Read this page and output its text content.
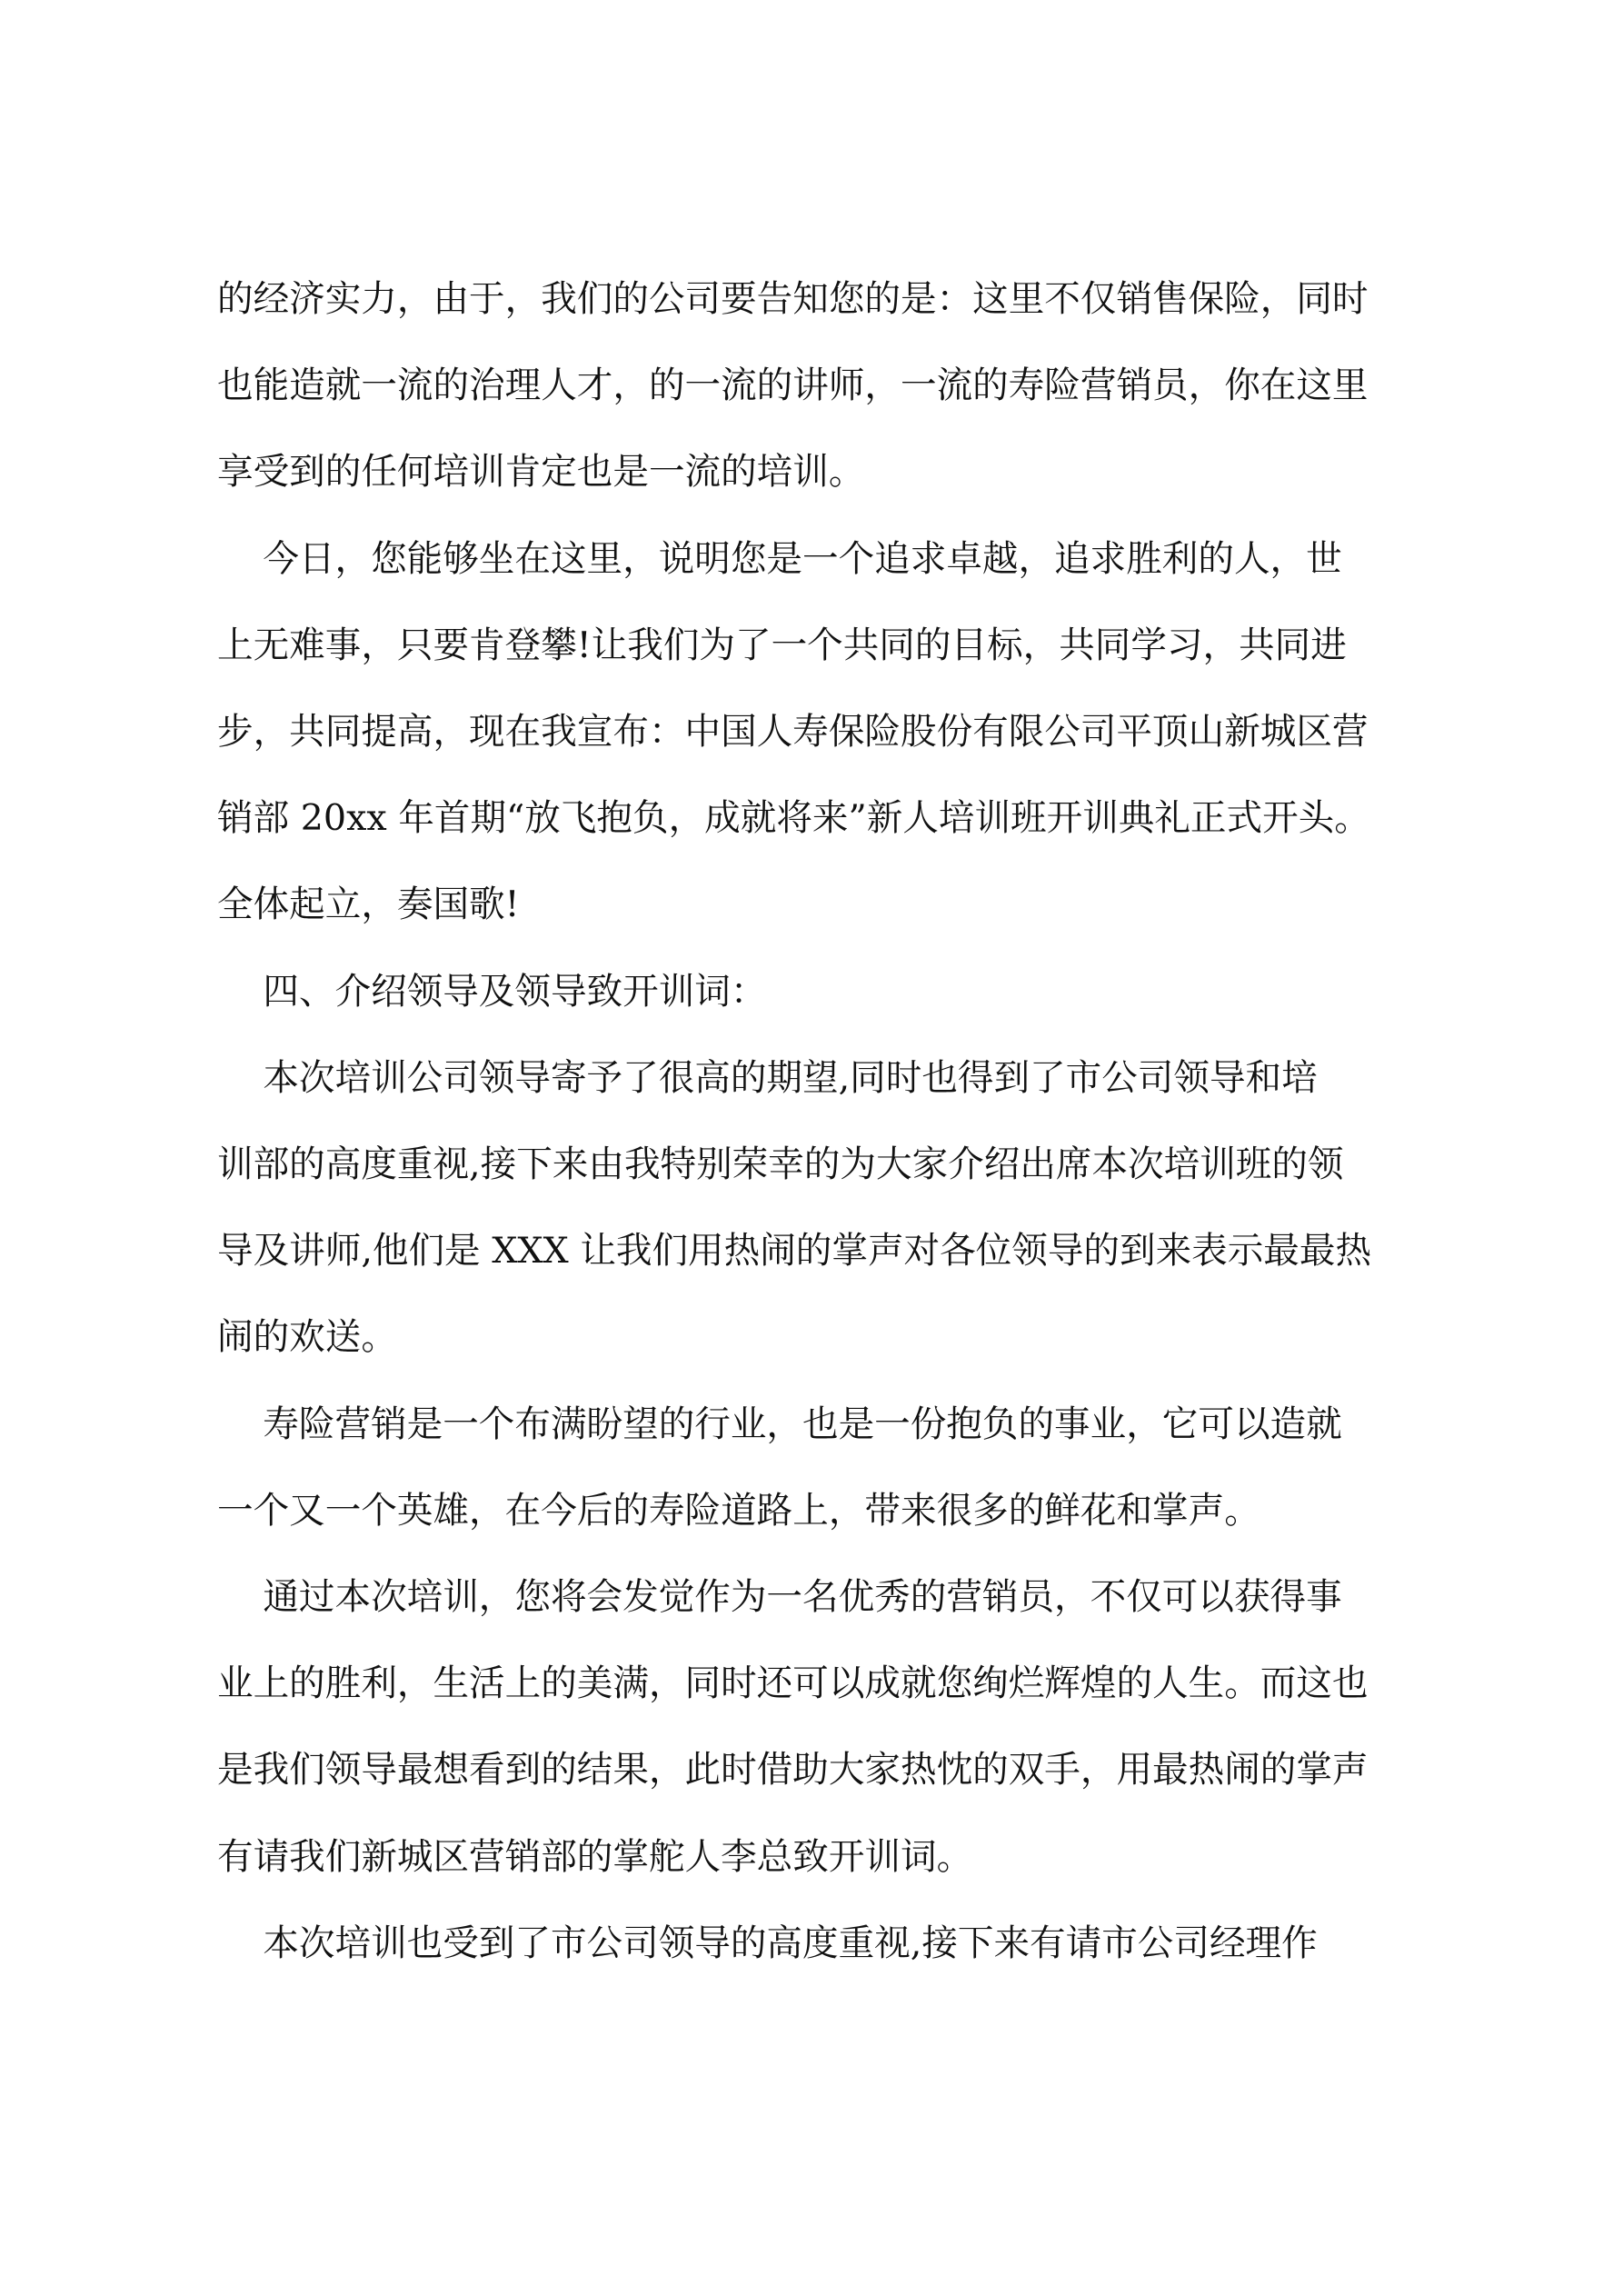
的经济实力，由于，我们的公司要告知您的是：这里不仅销售保险，同时
也能造就一流的治理人才，的一流的讲师，一流的寿险营销员，你在这里
享受到的任何培训肯定也是一流的培训。

今日，您能够坐在这里，说明您是一个追求卓越，追求胜利的人，世
上无难事，只要肯登攀!让我们为了一个共同的目标，共同学习，共同进
步，共同提高，现在我宣布：中国人寿保险股份有限公司平顶山新城区营
销部 20xx 年首期“放飞抱负，成就将来”新人培训班开训典礼正式开头。
全体起立，奏国歌!

四、介绍领导及领导致开训词：

本次培训公司领导寄予了很高的期望,同时也得到了市公司领导和培
训部的高度重视,接下来由我特别荣幸的为大家介绍出席本次培训班的领
导及讲师,他们是 XXX 让我们用热闹的掌声对各位领导的到来表示最最热
闹的欢送。

寿险营销是一个布满盼望的行业，也是一份抱负的事业，它可以造就
一个又一个英雄，在今后的寿险道路上，带来很多的鲜花和掌声。

通过本次培训，您将会发觉作为一名优秀的营销员，不仅可以获得事
业上的胜利，生活上的美满，同时还可以成就您绚烂辉煌的人生。而这也
是我们领导最想看到的结果，此时借助大家热忱的双手，用最热闹的掌声
有请我们新城区营销部的掌舵人李总致开训词。

本次培训也受到了市公司领导的高度重视,接下来有请市公司经理作
